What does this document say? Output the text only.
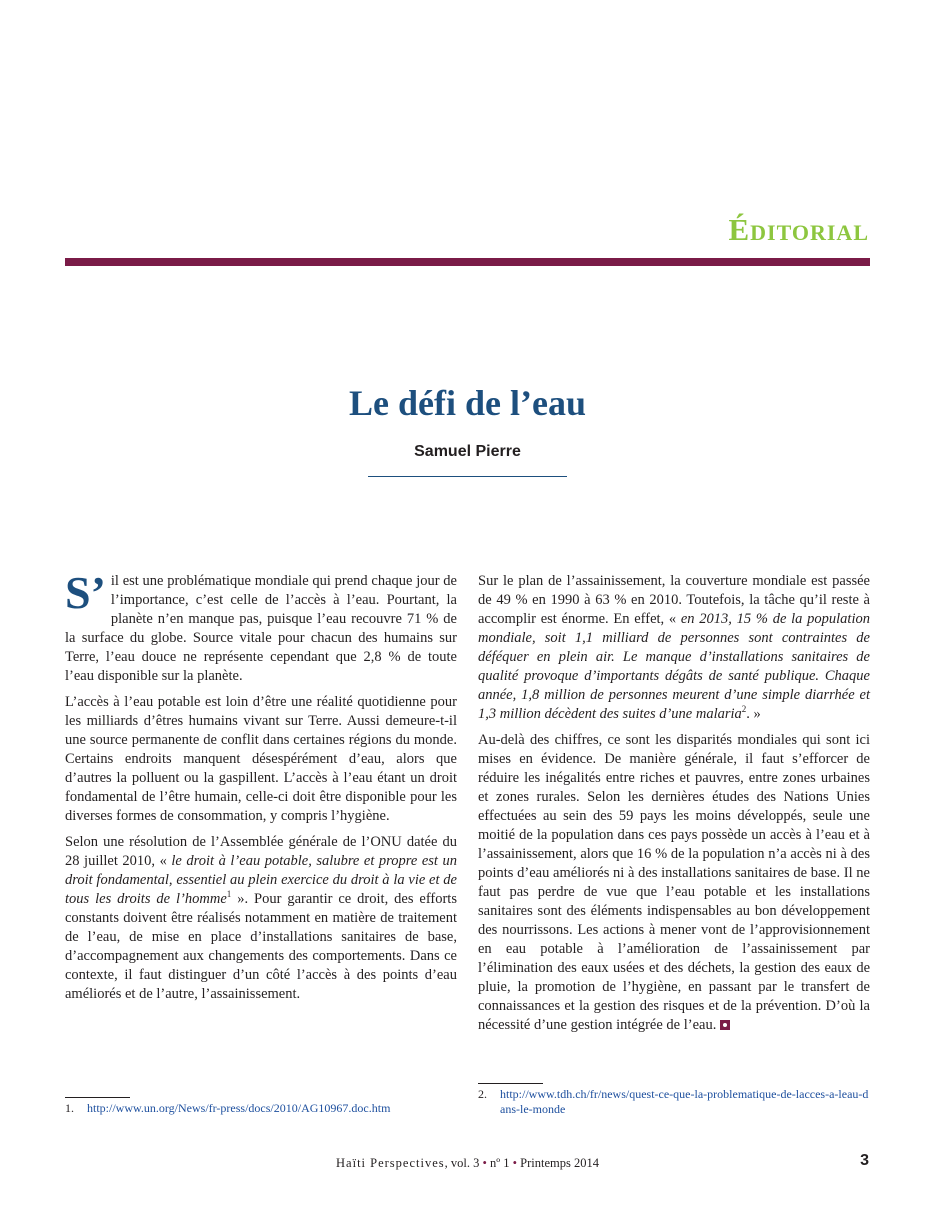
Éditorial
Le défi de l’eau
Samuel Pierre

S’ il est une problématique mondiale qui prend chaque jour de l’importance, c’est celle de l’accès à l’eau. Pourtant, la planète n’en manque pas, puisque l’eau recouvre 71 % de la surface du globe. Source vitale pour chacun des humains sur Terre, l’eau douce ne représente cependant que 2,8 % de toute l’eau disponible sur la planète.

L’accès à l’eau potable est loin d’être une réalité quotidienne pour les milliards d’êtres humains vivant sur Terre. Aussi demeure-t-il une source permanente de conflit dans certaines régions du monde. Certains endroits manquent désespérément d’eau, alors que d’autres la polluent ou la gaspillent. L’accès à l’eau étant un droit fondamental de l’être humain, celle-ci doit être disponible pour les diverses formes de consommation, y compris l’hygiène.

Selon une résolution de l’Assemblée générale de l’ONU datée du 28 juillet 2010, « le droit à l’eau potable, salubre et propre est un droit fondamental, essentiel au plein exercice du droit à la vie et de tous les droits de l’homme$^1$ ». Pour garantir ce droit, des efforts constants doivent être réalisés notamment en matière de traitement de l’eau, de mise en place d’installations sanitaires de base, d’accompagnement aux changements des comportements. Dans ce contexte, il faut distinguer d’un côté l’accès à des points d’eau améliorés et de l’autre, l’assainissement.

Sur le plan de l’assainissement, la couverture mondiale est passée de 49 % en 1990 à 63 % en 2010. Toutefois, la tâche qu’il reste à accomplir est énorme. En effet, « en 2013, 15 % de la population mondiale, soit 1,1 milliard de personnes sont contraintes de déféquer en plein air. Le manque d’installations sanitaires de qualité provoque d’importants dégâts de santé publique. Chaque année, 1,8 million de personnes meurent d’une simple diarrhée et 1,3 million décèdent des suites d’une malaria$^2$. »

Au-delà des chiffres, ce sont les disparités mondiales qui sont ici mises en évidence. De manière générale, il faut s’efforcer de réduire les inégalités entre riches et pauvres, entre zones urbaines et zones rurales. Selon les dernières études des Nations Unies effectuées au sein des 59 pays les moins développés, seule une moitié de la population dans ces pays possède un accès à l’eau et à l’assainissement, alors que 16 % de la population n’a accès ni à des points d’eau améliorés ni à des installations sanitaires de base. Il ne faut pas perdre de vue que l’eau potable et les installations sanitaires sont des éléments indispensables au bon développement des nourrissons. Les actions à mener vont de l’approvisionnement en eau potable à l’amélioration de l’assainissement par l’élimination des eaux usées et des déchets, la gestion des eaux de pluie, la promotion de l’hygiène, en passant par le transfert de connaissances et la gestion des risques et de la prévention. D’où la nécessité d’une gestion intégrée de l’eau.

1. http://www.un.org/News/fr-press/docs/2010/AG10967.doc.htm
2. http://www.tdh.ch/fr/news/quest-ce-que-la-problematique-de-lacces-a-leau-dans-le-monde
Haïti Perspectives, vol. 3 • nº 1 • Printemps 2014	3
